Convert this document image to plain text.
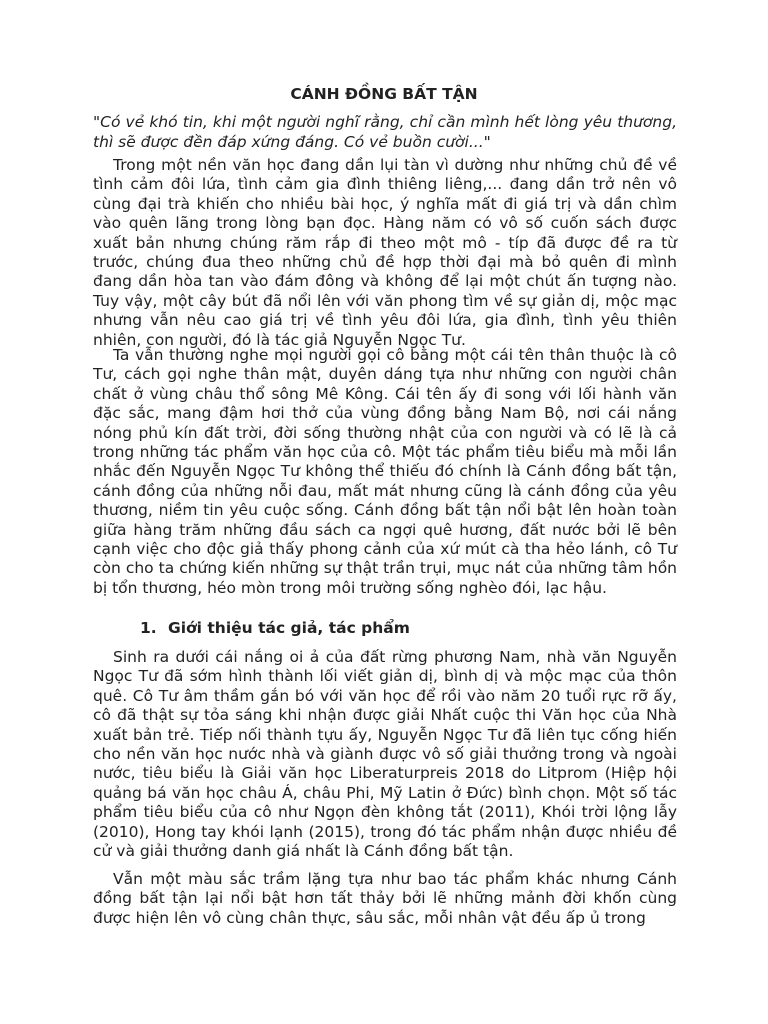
CÁNH ĐỒNG BẤT TẬN

"Có vẻ khó tin, khi một người nghĩ rằng, chỉ cần mình hết lòng yêu thương, thì sẽ được đền đáp xứng đáng. Có vẻ buồn cười..."

Trong một nền văn học đang dần lụi tàn vì dường như những chủ đề về tình cảm đôi lứa, tình cảm gia đình thiêng liêng,... đang dần trở nên vô cùng đại trà khiến cho nhiều bài học, ý nghĩa mất đi giá trị và dần chìm vào quên lãng trong lòng bạn đọc. Hàng năm có vô số cuốn sách được xuất bản nhưng chúng răm rắp đi theo một mô - típ đã được đề ra từ trước, chúng đua theo những chủ đề hợp thời đại mà bỏ quên đi mình đang dần hòa tan vào đám đông và không để lại một chút ấn tượng nào. Tuy vậy, một cây bút đã nổi lên với văn phong tìm về sự giản dị, mộc mạc nhưng vẫn nêu cao giá trị về tình yêu đôi lứa, gia đình, tình yêu thiên nhiên, con người, đó là tác giả Nguyễn Ngọc Tư.

Ta vẫn thường nghe mọi người gọi cô bằng một cái tên thân thuộc là cô Tư, cách gọi nghe thân mật, duyên dáng tựa như những con người chân chất ở vùng châu thổ sông Mê Kông. Cái tên ấy đi song với lối hành văn đặc sắc, mang đậm hơi thở của vùng đồng bằng Nam Bộ, nơi cái nắng nóng phủ kín đất trời, đời sống thường nhật của con người và có lẽ là cả trong những tác phẩm văn học của cô. Một tác phẩm tiêu biểu mà mỗi lần nhắc đến Nguyễn Ngọc Tư không thể thiếu đó chính là Cánh đồng bất tận, cánh đồng của những nỗi đau, mất mát nhưng cũng là cánh đồng của yêu thương, niềm tin yêu cuộc sống. Cánh đồng bất tận nổi bật lên hoàn toàn giữa hàng trăm những đầu sách ca ngợi quê hương, đất nước bởi lẽ bên cạnh việc cho độc giả thấy phong cảnh của xứ mút cà tha hẻo lánh, cô Tư còn cho ta chứng kiến những sự thật trần trụi, mục nát của những tâm hồn bị tổn thương, héo mòn trong môi trường sống nghèo đói, lạc hậu.

1. Giới thiệu tác giả, tác phẩm

Sinh ra dưới cái nắng oi ả của đất rừng phương Nam, nhà văn Nguyễn Ngọc Tư đã sớm hình thành lối viết giản dị, bình dị và mộc mạc của thôn quê. Cô Tư âm thầm gắn bó với văn học để rồi vào năm 20 tuổi rực rỡ ấy, cô đã thật sự tỏa sáng khi nhận được giải Nhất cuộc thi Văn học của Nhà xuất bản trẻ. Tiếp nối thành tựu ấy, Nguyễn Ngọc Tư đã liên tục cống hiến cho nền văn học nước nhà và giành được vô số giải thưởng trong và ngoài nước, tiêu biểu là Giải văn học Liberaturpreis 2018 do Litprom (Hiệp hội quảng bá văn học châu Á, châu Phi, Mỹ Latin ở Đức) bình chọn. Một số tác phẩm tiêu biểu của cô như Ngọn đèn không tắt (2011), Khói trời lộng lẫy (2010), Hong tay khói lạnh (2015), trong đó tác phẩm nhận được nhiều đề cử và giải thưởng danh giá nhất là Cánh đồng bất tận.

Vẫn một màu sắc trầm lặng tựa như bao tác phẩm khác nhưng Cánh đồng bất tận lại nổi bật hơn tất thảy bởi lẽ những mảnh đời khốn cùng được hiện lên vô cùng chân thực, sâu sắc, mỗi nhân vật đều ấp ủ trong
